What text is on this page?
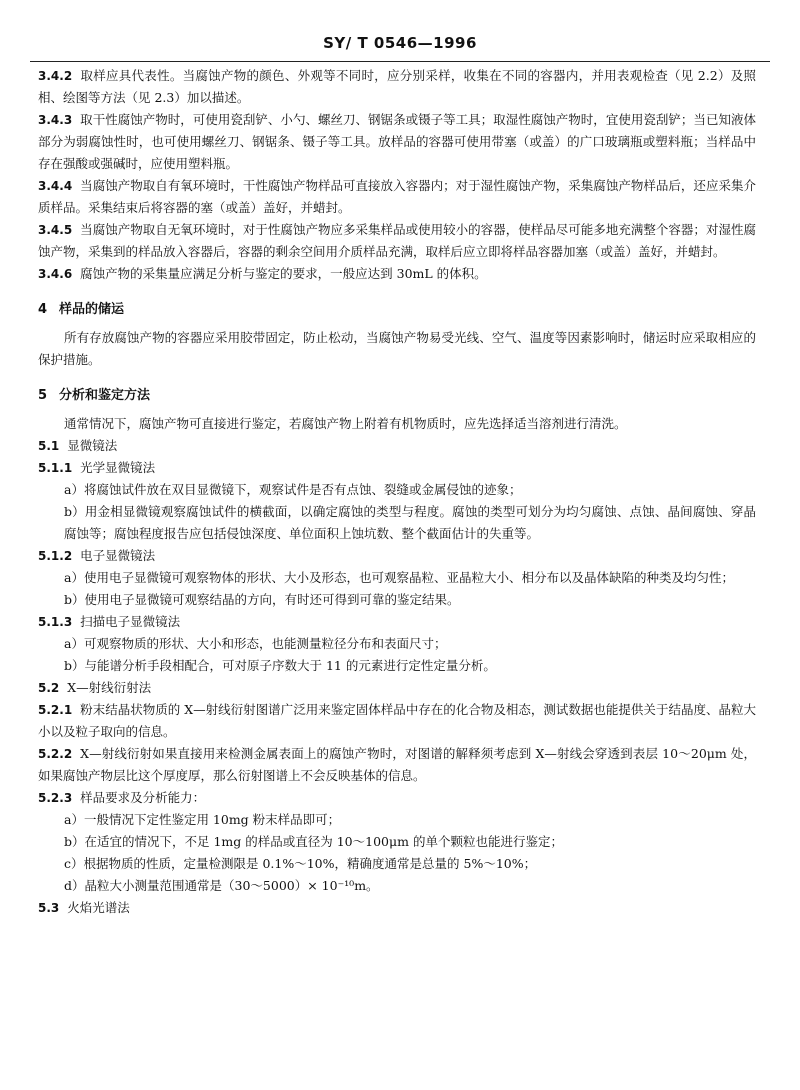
SY/ T 0546—1996

3.4.2 取样应具代表性。当腐蚀产物的颜色、外观等不同时，应分别采样，收集在不同的容器内，并用表观检查（见 2.2）及照相、绘图等方法（见 2.3）加以描述。

3.4.3 取干性腐蚀产物时，可使用瓷刮铲、小勺、螺丝刀、钢锯条或镊子等工具；取湿性腐蚀产物时，宜使用瓷刮铲；当已知液体部分为弱腐蚀性时，也可使用螺丝刀、钢锯条、镊子等工具。放样品的容器可使用带塞（或盖）的广口玻璃瓶或塑料瓶；当样品中存在强酸或强碱时，应使用塑料瓶。

3.4.4 当腐蚀产物取自有氧环境时，干性腐蚀产物样品可直接放入容器内；对于湿性腐蚀产物，采集腐蚀产物样品后，还应采集介质样品。采集结束后将容器的塞（或盖）盖好，并蜡封。

3.4.5 当腐蚀产物取自无氧环境时，对于性腐蚀产物应多采集样品或使用较小的容器，使样品尽可能多地充满整个容器；对湿性腐蚀产物，采集到的样品放入容器后，容器的剩余空间用介质样品充满，取样后应立即将样品容器加塞（或盖）盖好，并蜡封。

3.4.6 腐蚀产物的采集量应满足分析与鉴定的要求，一般应达到 30mL 的体积。

4 样品的储运

所有存放腐蚀产物的容器应采用胶带固定，防止松动，当腐蚀产物易受光线、空气、温度等因素影响时，储运时应采取相应的保护措施。

5 分析和鉴定方法

通常情况下，腐蚀产物可直接进行鉴定，若腐蚀产物上附着有机物质时，应先选择适当溶剂进行清洗。

5.1 显微镜法

5.1.1 光学显微镜法

a）将腐蚀试件放在双目显微镜下，观察试件是否有点蚀、裂缝或金属侵蚀的迹象；

b）用金相显微镜观察腐蚀试件的横截面，以确定腐蚀的类型与程度。腐蚀的类型可划分为均匀腐蚀、点蚀、晶间腐蚀、穿晶腐蚀等；腐蚀程度报告应包括侵蚀深度、单位面积上蚀坑数、整个截面估计的失重等。

5.1.2 电子显微镜法

a）使用电子显微镜可观察物体的形状、大小及形态，也可观察晶粒、亚晶粒大小、相分布以及晶体缺陷的种类及均匀性；

b）使用电子显微镜可观察结晶的方向，有时还可得到可靠的鉴定结果。

5.1.3 扫描电子显微镜法

a）可观察物质的形状、大小和形态，也能测量粒径分布和表面尺寸；

b）与能谱分析手段相配合，可对原子序数大于 11 的元素进行定性定量分析。

5.2 X—射线衍射法

5.2.1 粉末结晶状物质的 X—射线衍射图谱广泛用来鉴定固体样品中存在的化合物及相态，测试数据也能提供关于结晶度、晶粒大小以及粒子取向的信息。

5.2.2 X—射线衍射如果直接用来检测金属表面上的腐蚀产物时，对图谱的解释须考虑到 X—射线会穿透到表层 10～20μm 处，如果腐蚀产物层比这个厚度厚，那么衍射图谱上不会反映基体的信息。

5.2.3 样品要求及分析能力：

a）一般情况下定性鉴定用 10mg 粉末样品即可；

b）在适宜的情况下，不足 1mg 的样品或直径为 10～100μm 的单个颗粒也能进行鉴定；

c）根据物质的性质，定量检测限是 0.1%～10%，精确度通常是总量的 5%～10%；

d）晶粒大小测量范围通常是（30～5000）× 10⁻¹⁰m。

5.3 火焰光谱法
